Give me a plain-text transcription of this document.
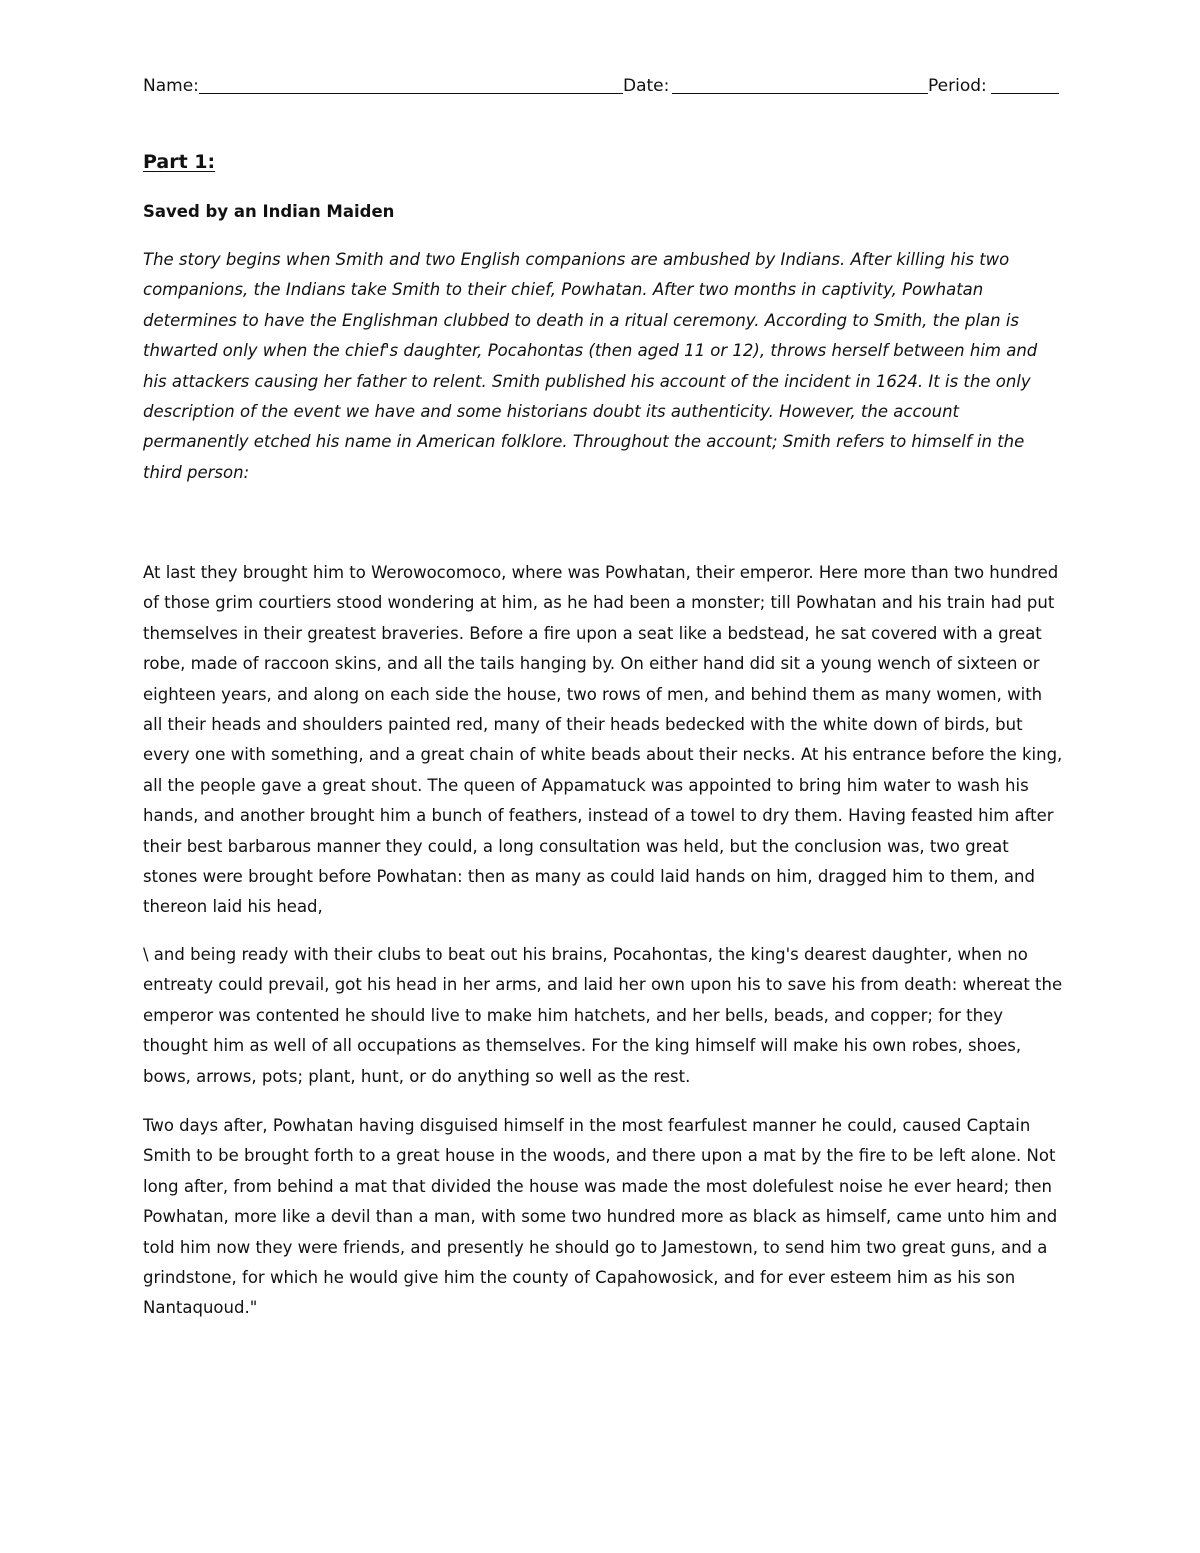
Name:	Date:	Period:
Part 1:
Saved by an Indian Maiden

The story begins when Smith and two English companions are ambushed by Indians. After killing his two companions, the Indians take Smith to their chief, Powhatan. After two months in captivity, Powhatan determines to have the Englishman clubbed to death in a ritual ceremony. According to Smith, the plan is thwarted only when the chief's daughter, Pocahontas (then aged 11 or 12), throws herself between him and his attackers causing her father to relent. Smith published his account of the incident in 1624. It is the only description of the event we have and some historians doubt its authenticity. However, the account permanently etched his name in American folklore. Throughout the account; Smith refers to himself in the third person:

At last they brought him to Werowocomoco, where was Powhatan, their emperor. Here more than two hundred of those grim courtiers stood wondering at him, as he had been a monster; till Powhatan and his train had put themselves in their greatest braveries. Before a fire upon a seat like a bedstead, he sat covered with a great robe, made of raccoon skins, and all the tails hanging by. On either hand did sit a young wench of sixteen or eighteen years, and along on each side the house, two rows of men, and behind them as many women, with all their heads and shoulders painted red, many of their heads bedecked with the white down of birds, but every one with something, and a great chain of white beads about their necks. At his entrance before the king, all the people gave a great shout. The queen of Appamatuck was appointed to bring him water to wash his hands, and another brought him a bunch of feathers, instead of a towel to dry them. Having feasted him after their best barbarous manner they could, a long consultation was held, but the conclusion was, two great stones were brought before Powhatan: then as many as could laid hands on him, dragged him to them, and thereon laid his head,

\ and being ready with their clubs to beat out his brains, Pocahontas, the king's dearest daughter, when no entreaty could prevail, got his head in her arms, and laid her own upon his to save his from death: whereat the emperor was contented he should live to make him hatchets, and her bells, beads, and copper; for they thought him as well of all occupations as themselves. For the king himself will make his own robes, shoes, bows, arrows, pots; plant, hunt, or do anything so well as the rest.

Two days after, Powhatan having disguised himself in the most fearfulest manner he could, caused Captain Smith to be brought forth to a great house in the woods, and there upon a mat by the fire to be left alone. Not long after, from behind a mat that divided the house was made the most dolefulest noise he ever heard; then Powhatan, more like a devil than a man, with some two hundred more as black as himself, came unto him and told him now they were friends, and presently he should go to Jamestown, to send him two great guns, and a grindstone, for which he would give him the county of Capahowosick, and for ever esteem him as his son Nantaquoud."
